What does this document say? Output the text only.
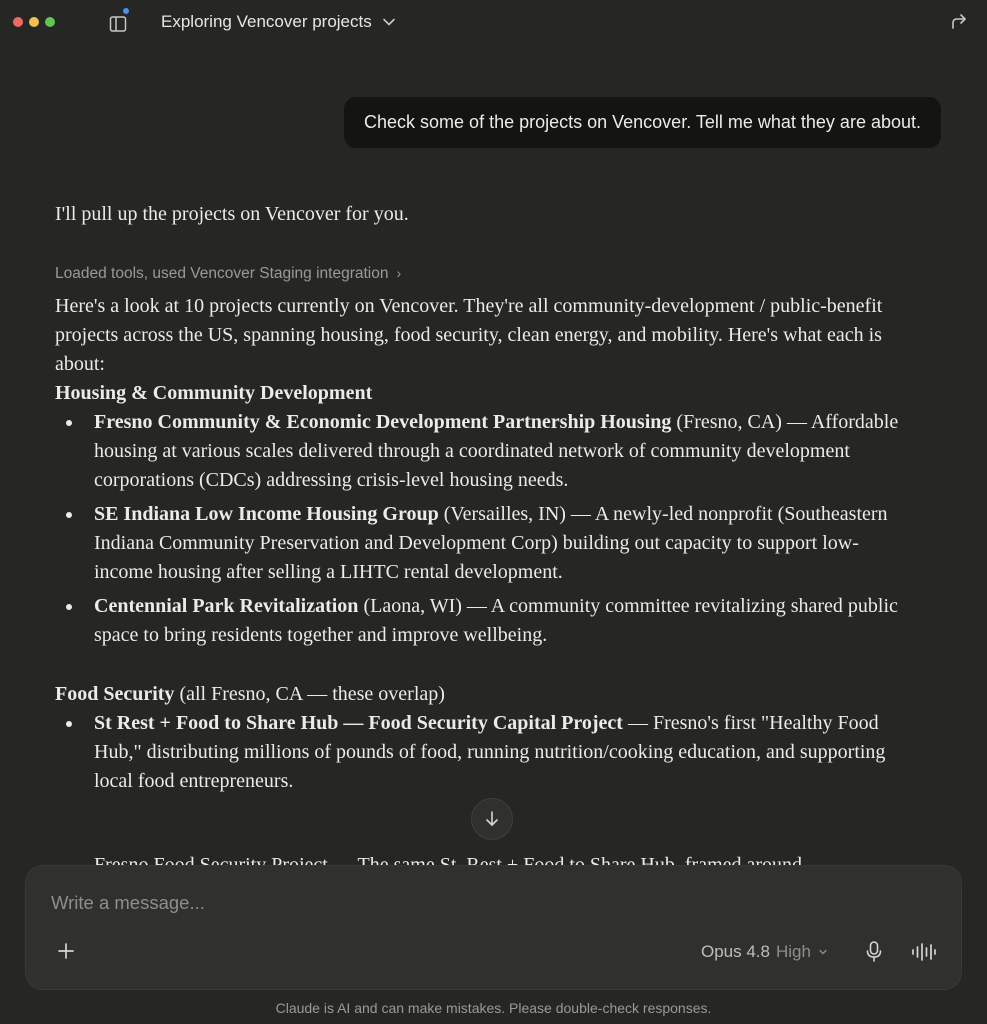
Exploring Vencover projects
Check some of the projects on Vencover. Tell me what they are about.

I'll pull up the projects on Vencover for you.

Loaded tools, used Vencover Staging integration ›

Here's a look at 10 projects currently on Vencover. They're all community-development / public-benefit projects across the US, spanning housing, food security, clean energy, and mobility. Here's what each is about:

Housing & Community Development

Fresno Community & Economic Development Partnership Housing (Fresno, CA) — Affordable housing at various scales delivered through a coordinated network of community development corporations (CDCs) addressing crisis-level housing needs.
SE Indiana Low Income Housing Group (Versailles, IN) — A newly-led nonprofit (Southeastern Indiana Community Preservation and Development Corp) building out capacity to support low-income housing after selling a LIHTC rental development.
Centennial Park Revitalization (Laona, WI) — A community committee revitalizing shared public space to bring residents together and improve wellbeing.

Food Security (all Fresno, CA — these overlap)

St Rest + Food to Share Hub — Food Security Capital Project — Fresno's first "Healthy Food Hub," distributing millions of pounds of food, running nutrition/cooking education, and supporting local food entrepreneurs.
Write a message...
Opus 4.8 High
Claude is AI and can make mistakes. Please double-check responses.
